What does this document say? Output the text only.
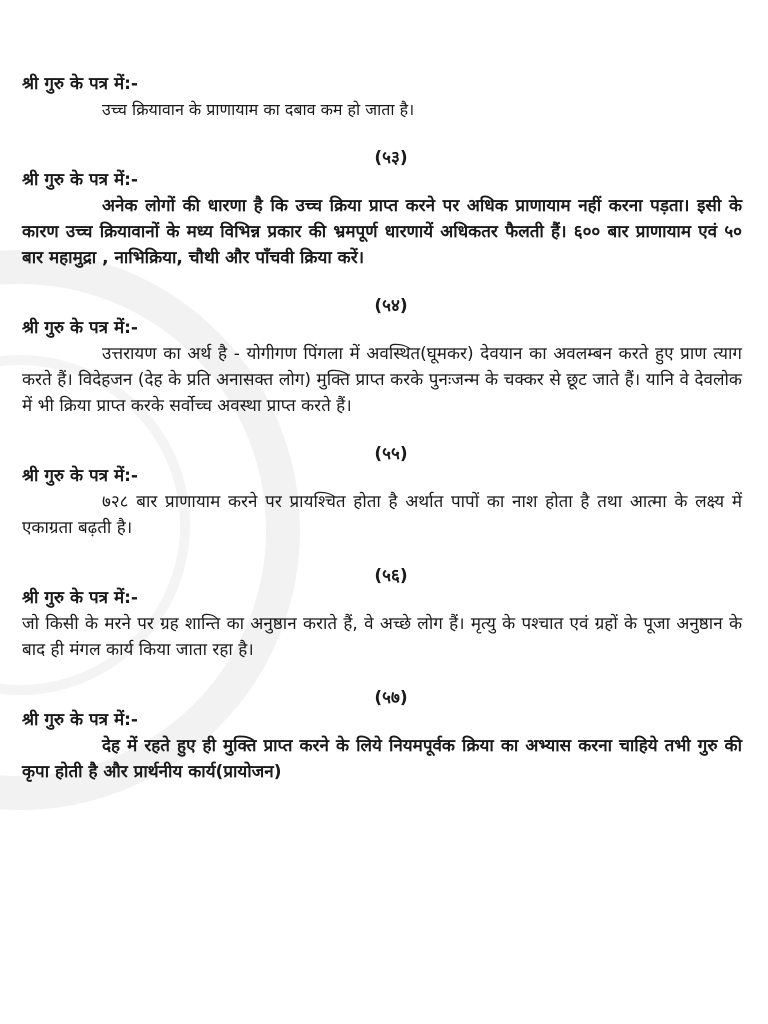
श्री गुरु के पत्र में:-

उच्च क्रियावान के प्राणायाम का दबाव कम हो जाता है।

(५३)

श्री गुरु के पत्र में:-

अनेक लोगों की धारणा है कि उच्च क्रिया प्राप्त करने पर अधिक प्राणायाम नहीं करना पड़ता। इसी के कारण उच्च क्रियावानों के मध्य विभिन्न प्रकार की भ्रमपूर्ण धारणायें अधिकतर फैलती हैं। ६०० बार प्राणायाम एवं ५० बार महामुद्रा , नाभिक्रिया, चौथी और पाँचवी क्रिया करें।

(५४)

श्री गुरु के पत्र में:-

उत्तरायण का अर्थ है - योगीगण पिंगला में अवस्थित(घूमकर) देवयान का अवलम्बन करते हुए प्राण त्याग करते हैं। विदेहजन (देह के प्रति अनासक्त लोग) मुक्ति प्राप्त करके पुनःजन्म के चक्कर से छूट जाते हैं। यानि वे देवलोक में भी क्रिया प्राप्त करके सर्वोच्च अवस्था प्राप्त करते हैं।

(५५)

श्री गुरु के पत्र में:-

७२८ बार प्राणायाम करने पर प्रायश्चित होता है अर्थात पापों का नाश होता है तथा आत्मा के लक्ष्य में एकाग्रता बढ़ती है।

(५६)

श्री गुरु के पत्र में:-

जो किसी के मरने पर ग्रह शान्ति का अनुष्ठान कराते हैं, वे अच्छे लोग हैं। मृत्यु के पश्चात एवं ग्रहों के पूजा अनुष्ठान के बाद ही मंगल कार्य किया जाता रहा है।

(५७)

श्री गुरु के पत्र में:-

देह में रहते हुए ही मुक्ति प्राप्त करने के लिये नियमपूर्वक क्रिया का अभ्यास करना चाहिये तभी गुरु की कृपा होती है और प्रार्थनीय कार्य(प्रायोजन)
